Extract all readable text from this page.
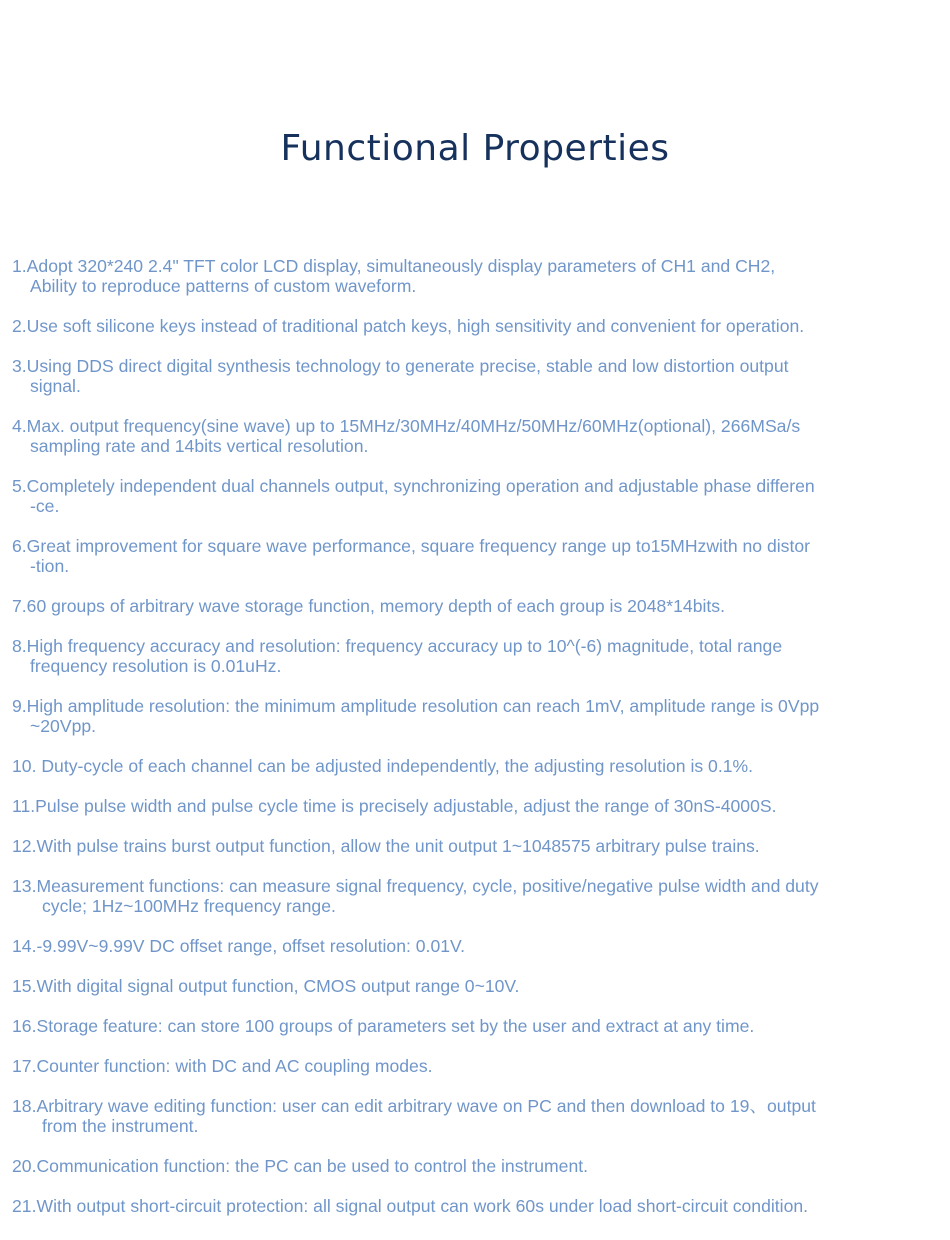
Functional Properties
1.Adopt 320*240 2.4" TFT color LCD display, simultaneously display parameters of CH1 and CH2,
Ability to reproduce patterns of custom waveform.
2.Use soft silicone keys instead of traditional patch keys, high sensitivity and convenient for operation.
3.Using DDS direct digital synthesis technology to generate precise, stable and low distortion output
signal.
4.Max. output frequency(sine wave) up to 15MHz/30MHz/40MHz/50MHz/60MHz(optional), 266MSa/s
sampling rate and 14bits vertical resolution.
5.Completely independent dual channels output, synchronizing operation and adjustable phase differen
-ce.
6.Great improvement for square wave performance, square frequency range up to15MHzwith no distor
-tion.
7.60 groups of arbitrary wave storage function, memory depth of each group is 2048*14bits.
8.High frequency accuracy and resolution: frequency accuracy up to 10^(-6) magnitude, total range
frequency resolution is 0.01uHz.
9.High amplitude resolution: the minimum amplitude resolution can reach 1mV, amplitude range is 0Vpp
~20Vpp.
10. Duty-cycle of each channel can be adjusted independently, the adjusting resolution is 0.1%.
11.Pulse pulse width and pulse cycle time is precisely adjustable, adjust the range of 30nS-4000S.
12.With pulse trains burst output function, allow the unit output 1~1048575 arbitrary pulse trains.
13.Measurement functions: can measure signal frequency, cycle, positive/negative pulse width and duty
cycle; 1Hz~100MHz frequency range.
14.-9.99V~9.99V DC offset range, offset resolution: 0.01V.
15.With digital signal output function, CMOS output range 0~10V.
16.Storage feature: can store 100 groups of parameters set by the user and extract at any time.
17.Counter function: with DC and AC coupling modes.
18.Arbitrary wave editing function: user can edit arbitrary wave on PC and then download to 19、output
from the instrument.
20.Communication function: the PC can be used to control the instrument.
21.With output short-circuit protection: all signal output can work 60s under load short-circuit condition.
